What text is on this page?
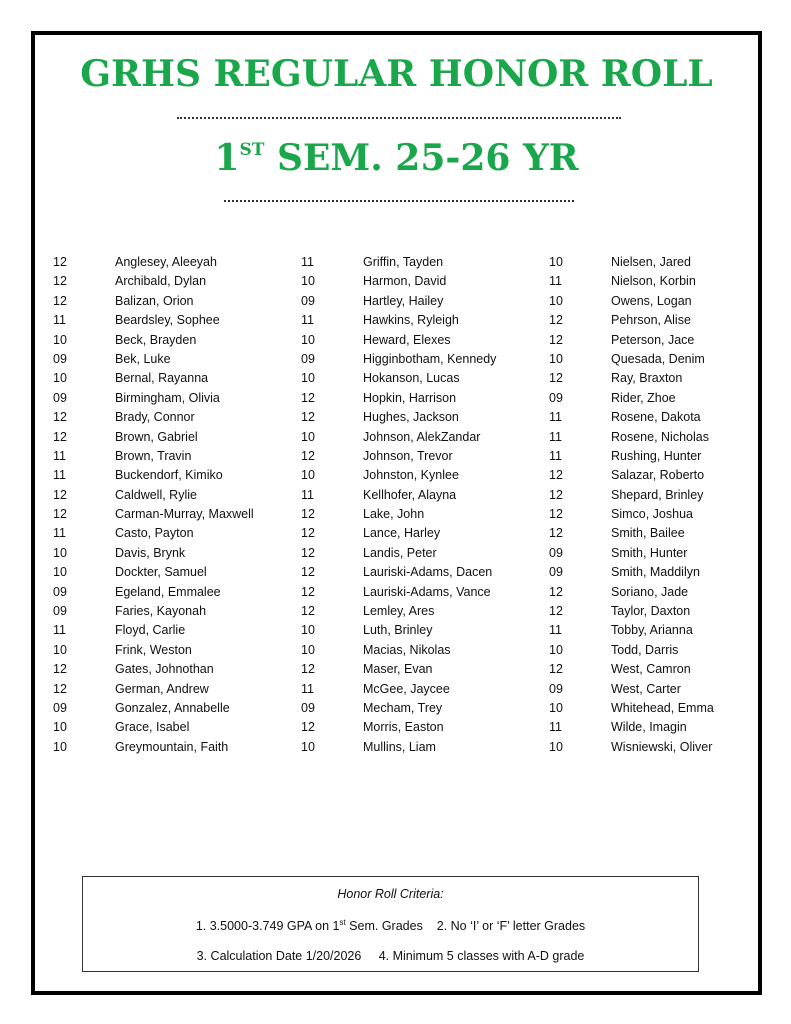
GRHS REGULAR HONOR ROLL
1ST SEM. 25-26 YR
12	Anglesey, Aleeyah
12	Archibald, Dylan
12	Balizan, Orion
11	Beardsley, Sophee
10	Beck, Brayden
09	Bek, Luke
10	Bernal, Rayanna
09	Birmingham, Olivia
12	Brady, Connor
12	Brown, Gabriel
11	Brown, Travin
11	Buckendorf, Kimiko
12	Caldwell, Rylie
12	Carman-Murray, Maxwell
11	Casto, Payton
10	Davis, Brynk
10	Dockter, Samuel
09	Egeland, Emmalee
09	Faries, Kayonah
11	Floyd, Carlie
10	Frink, Weston
12	Gates, Johnothan
12	German, Andrew
09	Gonzalez, Annabelle
10	Grace, Isabel
10	Greymountain, Faith
11	Griffin, Tayden
10	Harmon, David
09	Hartley, Hailey
11	Hawkins, Ryleigh
10	Heward, Elexes
09	Higginbotham, Kennedy
10	Hokanson, Lucas
12	Hopkin, Harrison
12	Hughes, Jackson
10	Johnson, AlekZandar
12	Johnson, Trevor
10	Johnston, Kynlee
11	Kellhofer, Alayna
12	Lake, John
12	Lance, Harley
12	Landis, Peter
12	Lauriski-Adams, Dacen
12	Lauriski-Adams, Vance
12	Lemley, Ares
10	Luth, Brinley
10	Macias, Nikolas
12	Maser, Evan
11	McGee, Jaycee
09	Mecham, Trey
12	Morris, Easton
10	Mullins, Liam
10	Nielsen, Jared
11	Nielson, Korbin
10	Owens, Logan
12	Pehrson, Alise
12	Peterson, Jace
10	Quesada, Denim
12	Ray, Braxton
09	Rider, Zhoe
11	Rosene, Dakota
11	Rosene, Nicholas
11	Rushing, Hunter
12	Salazar, Roberto
12	Shepard, Brinley
12	Simco, Joshua
12	Smith, Bailee
09	Smith, Hunter
09	Smith, Maddilyn
12	Soriano, Jade
12	Taylor, Daxton
11	Tobby, Arianna
10	Todd, Darris
12	West, Camron
09	West, Carter
10	Whitehead, Emma
11	Wilde, Imagin
10	Wisniewski, Oliver
Honor Roll Criteria:
1. 3.5000-3.749 GPA on 1st Sem. Grades 2. No ‘I’ or ‘F’ letter Grades
3. Calculation Date 1/20/2026 4. Minimum 5 classes with A-D grade
